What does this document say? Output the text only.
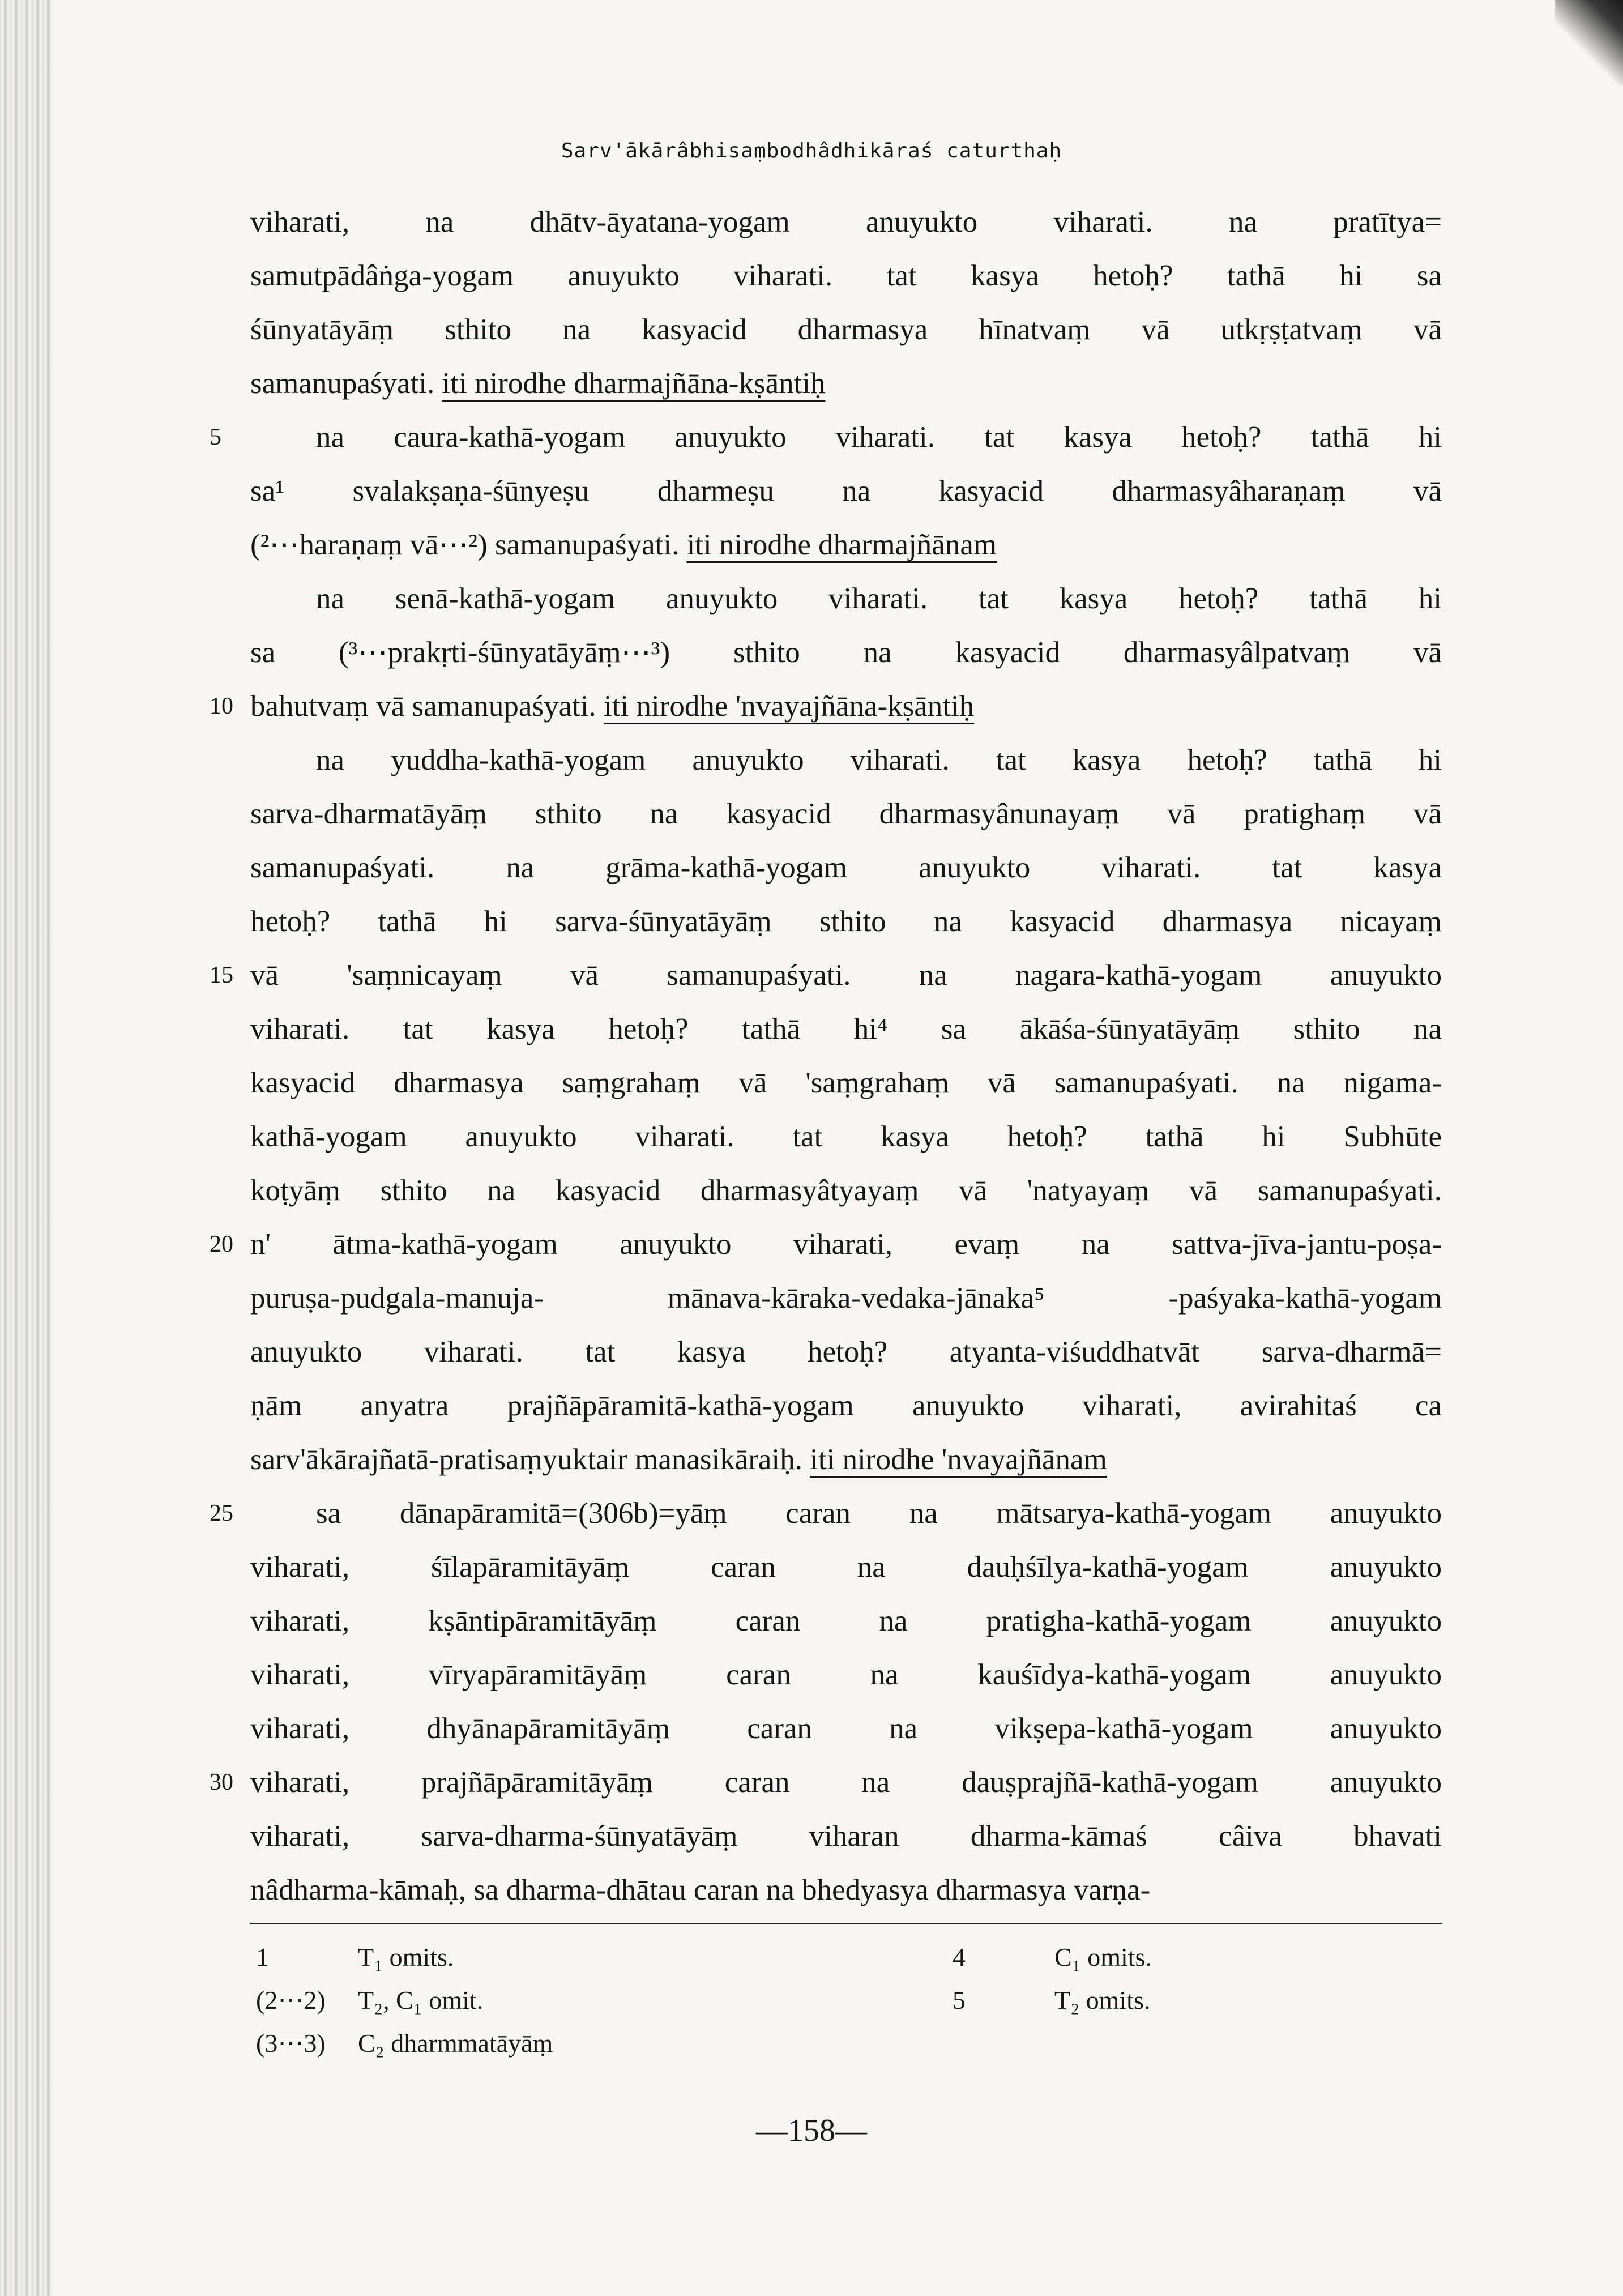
Sarv'ākārâbhisaṃbodhâdhikāraś caturthaḥ
viharati, na dhātv-āyatana-yogam anuyukto viharati. na pratītya=
samutpādâṅga-yogam anuyukto viharati. tat kasya hetoḥ? tathā hi sa
śūnyatāyāṃ sthito na kasyacid dharmasya hīnatvaṃ vā utkṛṣṭatvaṃ vā
samanupaśyati. iti nirodhe dharmajñāna-kṣāntiḥ
5	na caura-kathā-yogam anuyukto viharati. tat kasya hetoḥ? tathā hi
sa¹ svalakṣaṇa-śūnyeṣu dharmeṣu na kasyacid dharmasyâharaṇaṃ vā
(²⋯haraṇaṃ vā⋯²) samanupaśyati. iti nirodhe dharmajñānam
na senā-kathā-yogam anuyukto viharati. tat kasya hetoḥ? tathā hi
sa (³⋯prakṛti-śūnyatāyāṃ⋯³) sthito na kasyacid dharmasyâlpatvaṃ vā
10 bahutvaṃ vā samanupaśyati. iti nirodhe 'nvayajñāna-kṣāntiḥ
na yuddha-kathā-yogam anuyukto viharati. tat kasya hetoḥ? tathā hi
sarva-dharmatāyāṃ sthito na kasyacid dharmasyânunayaṃ vā pratighaṃ vā
samanupaśyati. na grāma-kathā-yogam anuyukto viharati. tat kasya
hetoḥ? tathā hi sarva-śūnyatāyāṃ sthito na kasyacid dharmasya nicayaṃ
15 vā 'saṃnicayaṃ vā samanupaśyati. na nagara-kathā-yogam anuyukto
viharati. tat kasya hetoḥ? tathā hi⁴ sa ākāśa-śūnyatāyāṃ sthito na
kasyacid dharmasya saṃgrahaṃ vā 'saṃgrahaṃ vā samanupaśyati. na nigama-
kathā-yogam anuyukto viharati. tat kasya hetoḥ? tathā hi Subhūte
koṭyāṃ sthito na kasyacid dharmasyâtyayaṃ vā 'natyayaṃ vā samanupaśyati.
20 n' ātma-kathā-yogam anuyukto viharati, evaṃ na sattva-jīva-jantu-poṣa-
puruṣa-pudgala-manuja- mānava-kāraka-vedaka-jānaka⁵ -paśyaka-kathā-yogam
anuyukto viharati. tat kasya hetoḥ? atyanta-viśuddhatvāt sarva-dharmā=
ṇām anyatra prajñāpāramitā-kathā-yogam anuyukto viharati, avirahitaś ca
sarv'ākārajñatā-pratisaṃyuktair manasikāraiḥ. iti nirodhe 'nvayajñānam
25	sa dānapāramitā=(306b)=yāṃ caran na mātsarya-kathā-yogam anuyukto
viharati, śīlapāramitāyāṃ caran na dauḥśīlya-kathā-yogam anuyukto
viharati, kṣāntipāramitāyāṃ caran na pratigha-kathā-yogam anuyukto
viharati, vīryapāramitāyāṃ caran na kauśīdya-kathā-yogam anuyukto
viharati, dhyānapāramitāyāṃ caran na vikṣepa-kathā-yogam anuyukto
30 viharati, prajñāpāramitāyāṃ caran na dauṣprajñā-kathā-yogam anuyukto
viharati, sarva-dharma-śūnyatāyāṃ viharan dharma-kāmaś câiva bhavati
nâdharma-kāmaḥ, sa dharma-dhātau caran na bhedyasya dharmasya varṇa-
1	T₁ omits.
(2⋯2) T₂, C₁ omit.
(3⋯3) C₂ dharmmatāyāṃ
4	C₁ omits.
5	T₂ omits.
—158—
